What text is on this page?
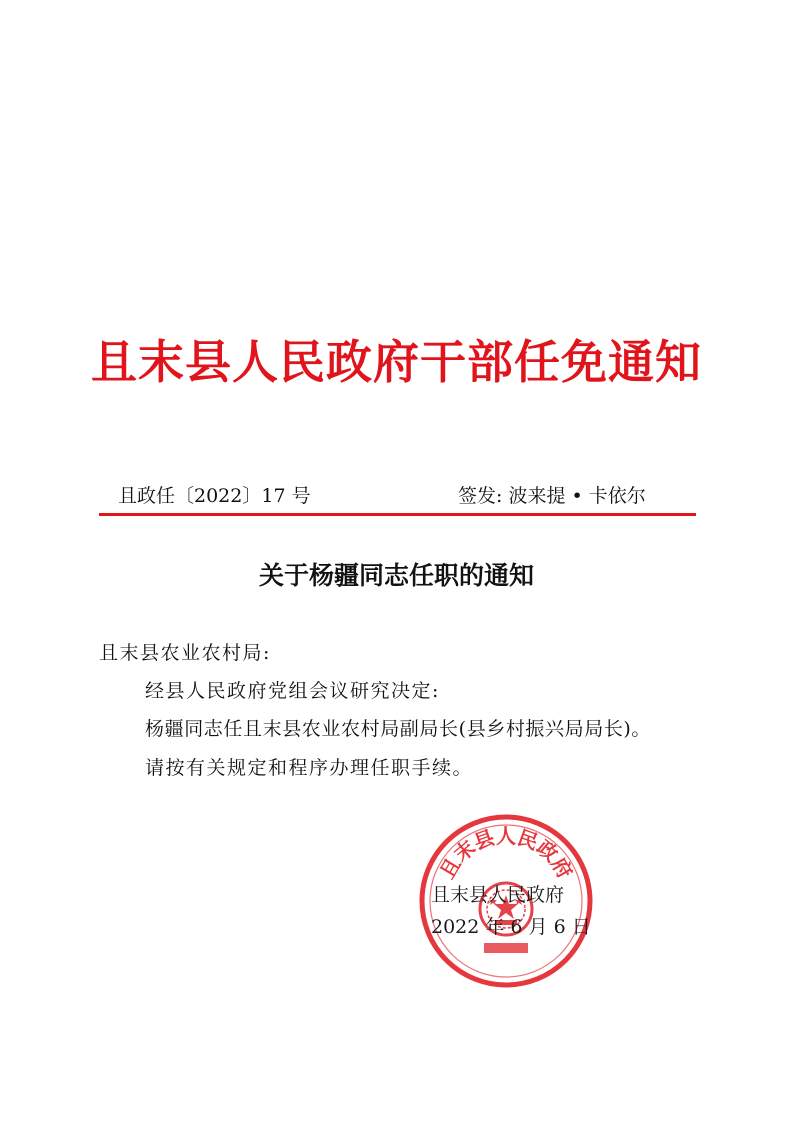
且末县人民政府干部任免通知
且政任〔2022〕17 号	签发: 波来提 • 卡依尔
关于杨疆同志任职的通知
且末县农业农村局:
经县人民政府党组会议研究决定:
杨疆同志任且末县农业农村局副局长(县乡村振兴局局长)。
请按有关规定和程序办理任职手续。
且末县人民政府
且末县人民政府
2022 年 6 月 6 日
